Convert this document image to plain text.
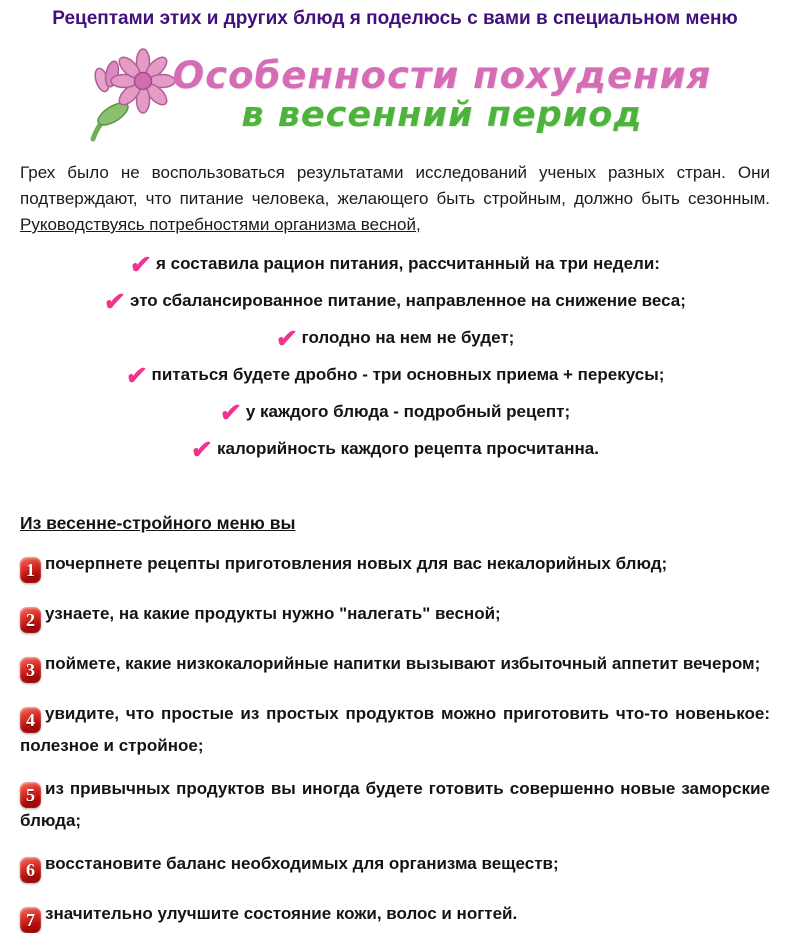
Рецептами этих и других блюд я поделюсь с вами в специальном меню
Особенности похудения
в весенний период

Грех было не воспользоваться результатами исследований ученых разных стран. Они подтверждают, что питание человека, желающего быть стройным, должно быть сезонным. Руководствуясь потребностями организма весной,

✔ я составила рацион питания, рассчитанный на три недели:
✔ это сбалансированное питание, направленное на снижение веса;
✔ голодно на нем не будет;
✔ питаться будете дробно - три основных приема + перекусы;
✔ у каждого блюда - подробный рецепт;
✔ калорийность каждого рецепта просчитанна.
Из весенне-стройного меню вы
1 почерпнете рецепты приготовления новых для вас некалорийных блюд;
2 узнаете, на какие продукты нужно "налегать" весной;
3 поймете, какие низкокалорийные напитки вызывают избыточный аппетит вечером;
4 увидите, что простые из простых продуктов можно приготовить что-то новенькое: полезное и стройное;
5 из привычных продуктов вы иногда будете готовить совершенно новые заморские блюда;
6 восстановите баланс необходимых для организма веществ;
7 значительно улучшите состояние кожи, волос и ногтей.
